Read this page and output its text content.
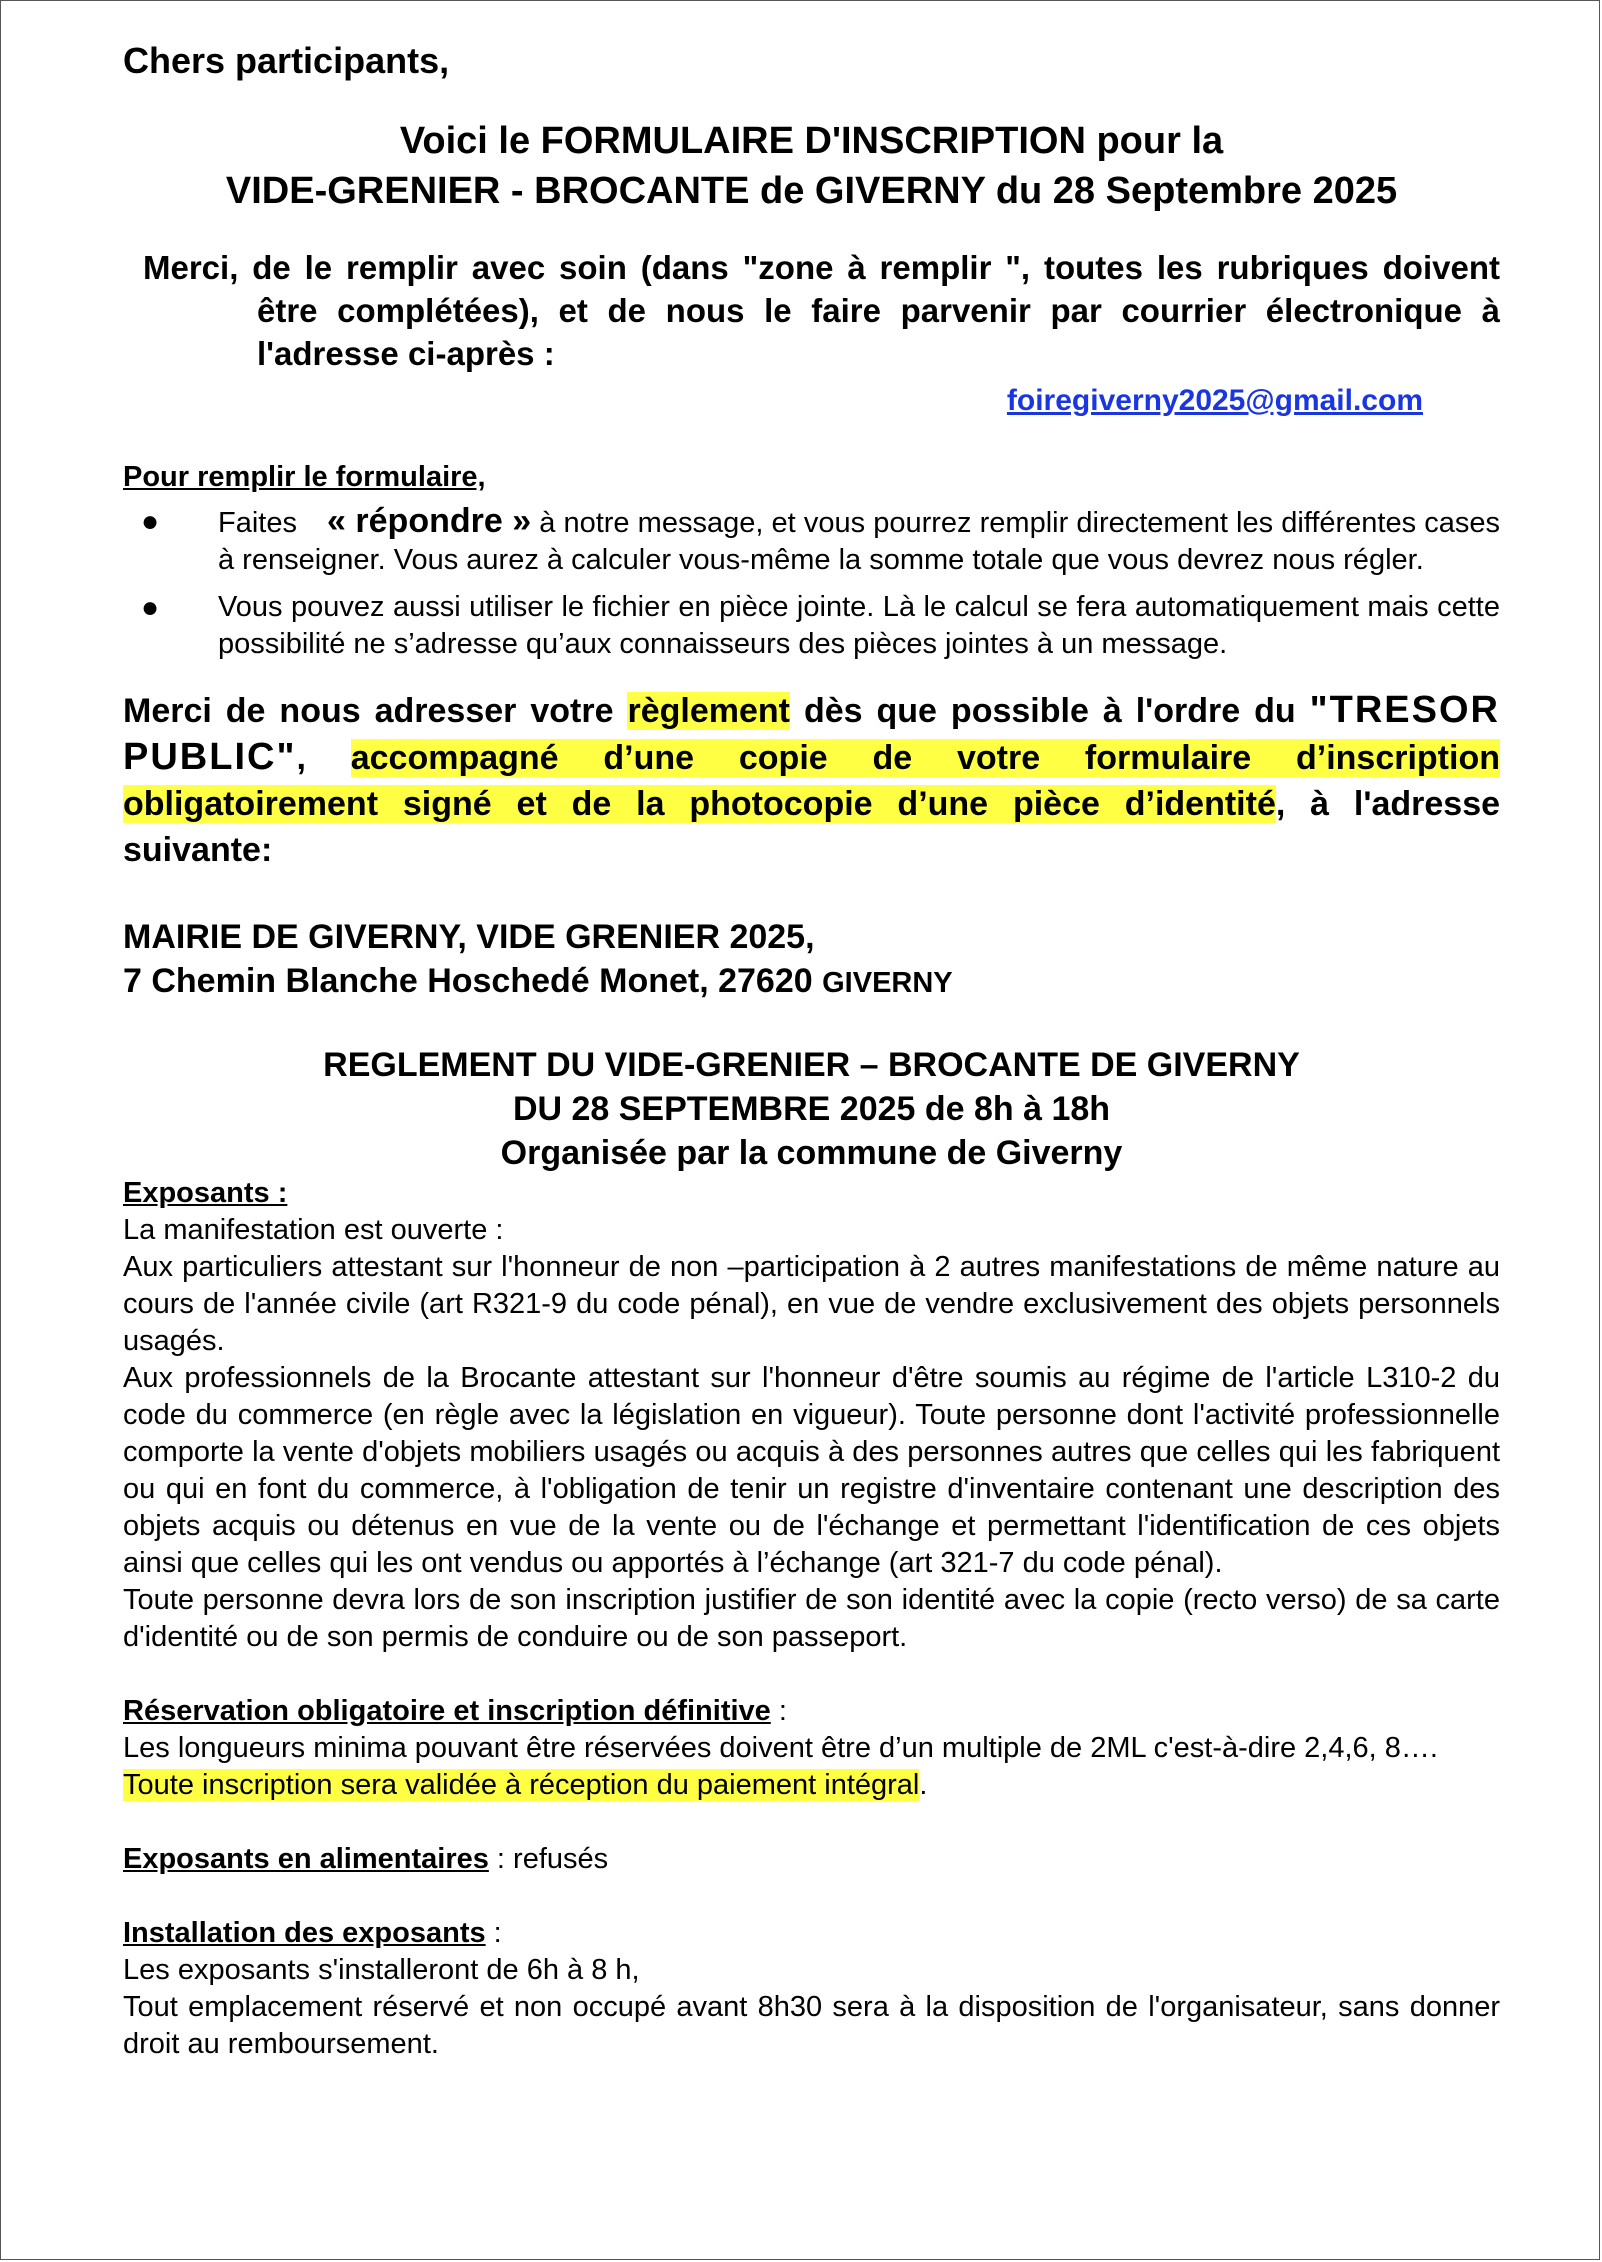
Chers participants,

Voici le FORMULAIRE D'INSCRIPTION pour la
VIDE-GRENIER - BROCANTE de GIVERNY du 28 Septembre 2025

Merci, de le remplir avec soin (dans "zone à remplir ", toutes les rubriques doivent être complétées), et de nous le faire parvenir par courrier électronique à l'adresse ci-après :

foiregiverny2025@gmail.com

Pour remplir le formulaire,

● Faites « répondre » à notre message, et vous pourrez remplir directement les différentes cases à renseigner. Vous aurez à calculer vous-même la somme totale que vous devrez nous régler.
● Vous pouvez aussi utiliser le fichier en pièce jointe. Là le calcul se fera automatiquement mais cette possibilité ne s’adresse qu’aux connaisseurs des pièces jointes à un message.

Merci de nous adresser votre règlement dès que possible à l'ordre du "TRESOR PUBLIC", accompagné d’une copie de votre formulaire d’inscription obligatoirement signé et de la photocopie d’une pièce d’identité, à l'adresse suivante:

MAIRIE DE GIVERNY, VIDE GRENIER 2025,
7 Chemin Blanche Hoschedé Monet, 27620 GIVERNY
REGLEMENT DU VIDE-GRENIER – BROCANTE DE GIVERNY
DU 28 SEPTEMBRE 2025 de 8h à 18h
Organisée par la commune de Giverny

Exposants :

La manifestation est ouverte :

Aux particuliers attestant sur l'honneur de non –participation à 2 autres manifestations de même nature au cours de l'année civile (art R321-9 du code pénal), en vue de vendre exclusivement des objets personnels usagés.

Aux professionnels de la Brocante attestant sur l'honneur d'être soumis au régime de l'article L310-2 du code du commerce (en règle avec la législation en vigueur). Toute personne dont l'activité professionnelle comporte la vente d'objets mobiliers usagés ou acquis à des personnes autres que celles qui les fabriquent ou qui en font du commerce, à l'obligation de tenir un registre d'inventaire contenant une description des objets acquis ou détenus en vue de la vente ou de l'échange et permettant l'identification de ces objets ainsi que celles qui les ont vendus ou apportés à l’échange (art 321-7 du code pénal).

Toute personne devra lors de son inscription justifier de son identité avec la copie (recto verso) de sa carte d'identité ou de son permis de conduire ou de son passeport.

Réservation obligatoire et inscription définitive :

Les longueurs minima pouvant être réservées doivent être d’un multiple de 2ML c'est-à-dire 2,4,6, 8….

Toute inscription sera validée à réception du paiement intégral.

Exposants en alimentaires : refusés

Installation des exposants :

Les exposants s'installeront de 6h à 8 h,

Tout emplacement réservé et non occupé avant 8h30 sera à la disposition de l'organisateur, sans donner droit au remboursement.
